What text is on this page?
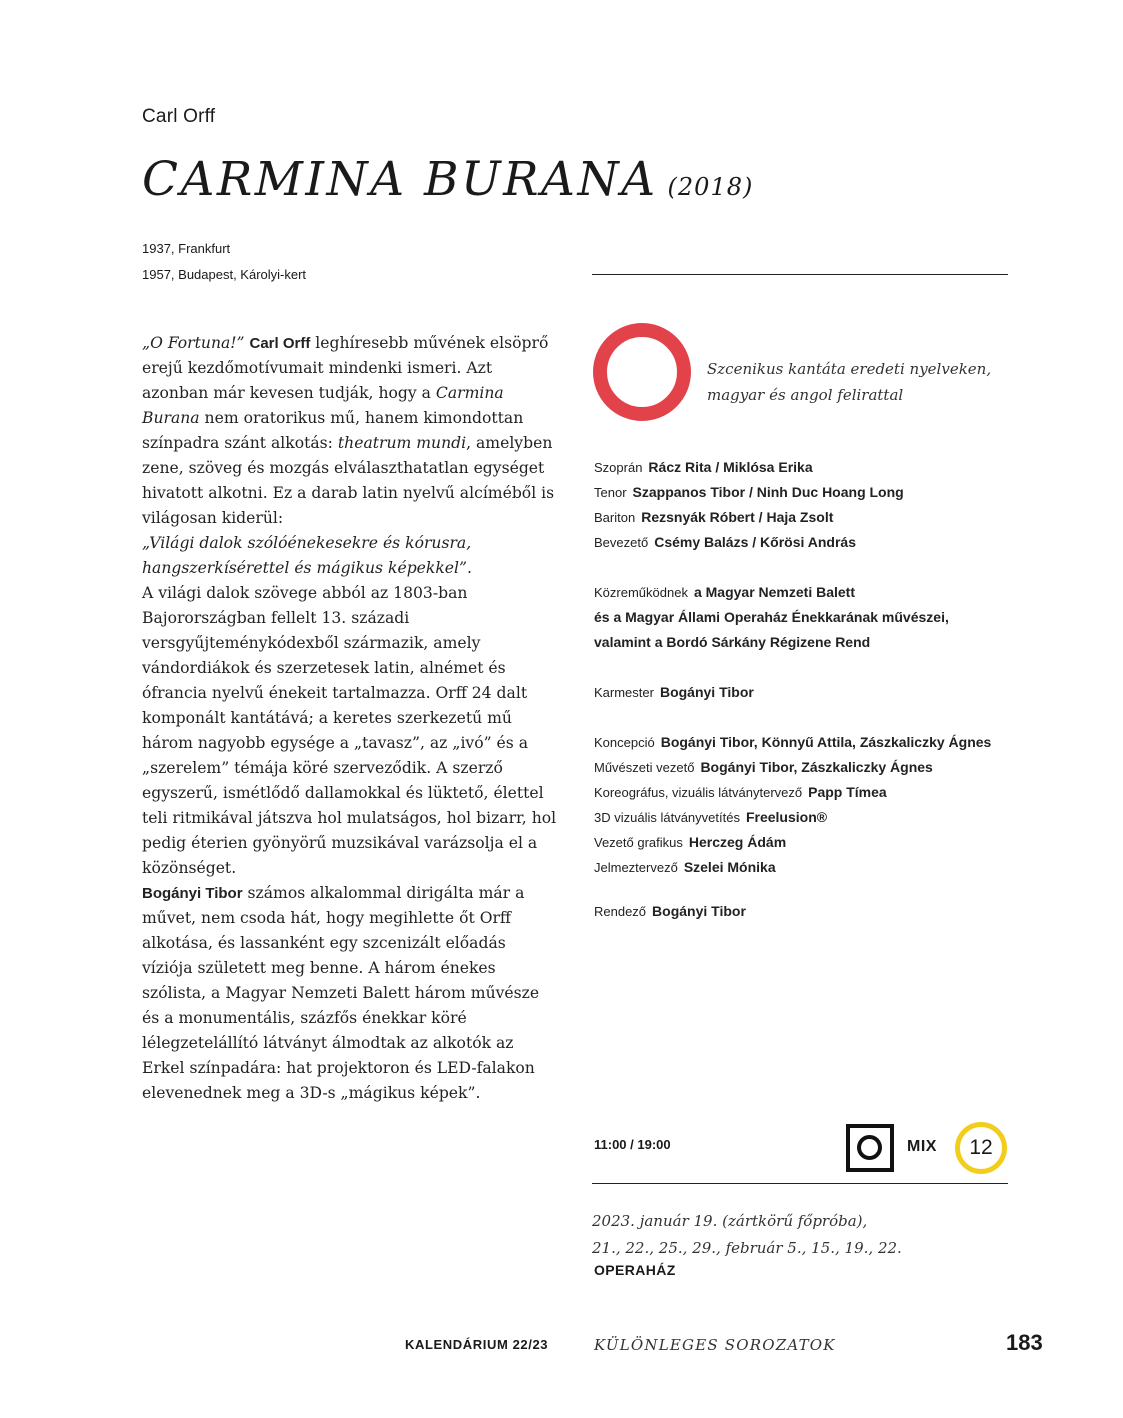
Carl Orff
CARMINA BURANA (2018)
1937, Frankfurt
1957, Budapest, Károlyi-kert

„O Fortuna!” Carl Orff leghíresebb művének elsöprő erejű kezdőmotívumait mindenki ismeri. Azt azonban már kevesen tudják, hogy a Carmina Burana nem oratorikus mű, hanem kimondottan színpadra szánt alkotás: theatrum mundi, amelyben zene, szöveg és mozgás elválaszthatatlan egységet hivatott alkotni. Ez a darab latin nyelvű alcíméből is világosan kiderül:
„Világi dalok szólóénekesekre és kórusra, hangszerkísérettel és mágikus képekkel”.

A világi dalok szövege abból az 1803-ban Bajorországban fellelt 13. századi versgyűjteménykódexből származik, amely vándordiákok és szerzetesek latin, alnémet és ófrancia nyelvű énekeit tartalmazza. Orff 24 dalt komponált kantátává; a keretes szerkezetű mű három nagyobb egysége a „tavasz”, az „ivó” és a „szerelem” témája köré szerveződik. A szerző egyszerű, ismétlődő dallamokkal és lüktető, élettel teli ritmikával játszva hol mulatságos, hol bizarr, hol pedig éterien gyönyörű muzsikával varázsolja el a közönséget.

Bogányi Tibor számos alkalommal dirigálta már a művet, nem csoda hát, hogy megihlette őt Orff alkotása, és lassanként egy szcenizált előadás víziója született meg benne. A három énekes szólista, a Magyar Nemzeti Balett három művésze és a monumentális, százfős énekkar köré lélegzetelállító látványt álmodtak az alkotók az Erkel színpadára: hat projektoron és LED-falakon elevenednek meg a 3D-s „mágikus képek”.

Szcenikus kantáta eredeti nyelveken,
magyar és angol felirattal
Szoprán Rácz Rita / Miklósa Erika
Tenor Szappanos Tibor / Ninh Duc Hoang Long
Bariton Rezsnyák Róbert / Haja Zsolt
Bevezető Csémy Balázs / Kőrösi András
Közreműködnek a Magyar Nemzeti Balett
és a Magyar Állami Operaház Énekkarának művészei,
valamint a Bordó Sárkány Régizene Rend
Karmester Bogányi Tibor
Koncepció Bogányi Tibor, Könnyű Attila, Zászkaliczky Ágnes
Művészeti vezető Bogányi Tibor, Zászkaliczky Ágnes
Koreográfus, vizuális látványtervező Papp Tímea
3D vizuális látványvetítés Freelusion®
Vezető grafikus Herczeg Ádám
Jelmeztervező Szelei Mónika
Rendező Bogányi Tibor
11:00 / 19:00	MIX	12
2023. január 19. (zártkörű főpróba),
21., 22., 25., 29., február 5., 15., 19., 22.
OPERAHÁZ
KALENDÁRIUM 22/23	KÜLÖNLEGES SOROZATOK	183
